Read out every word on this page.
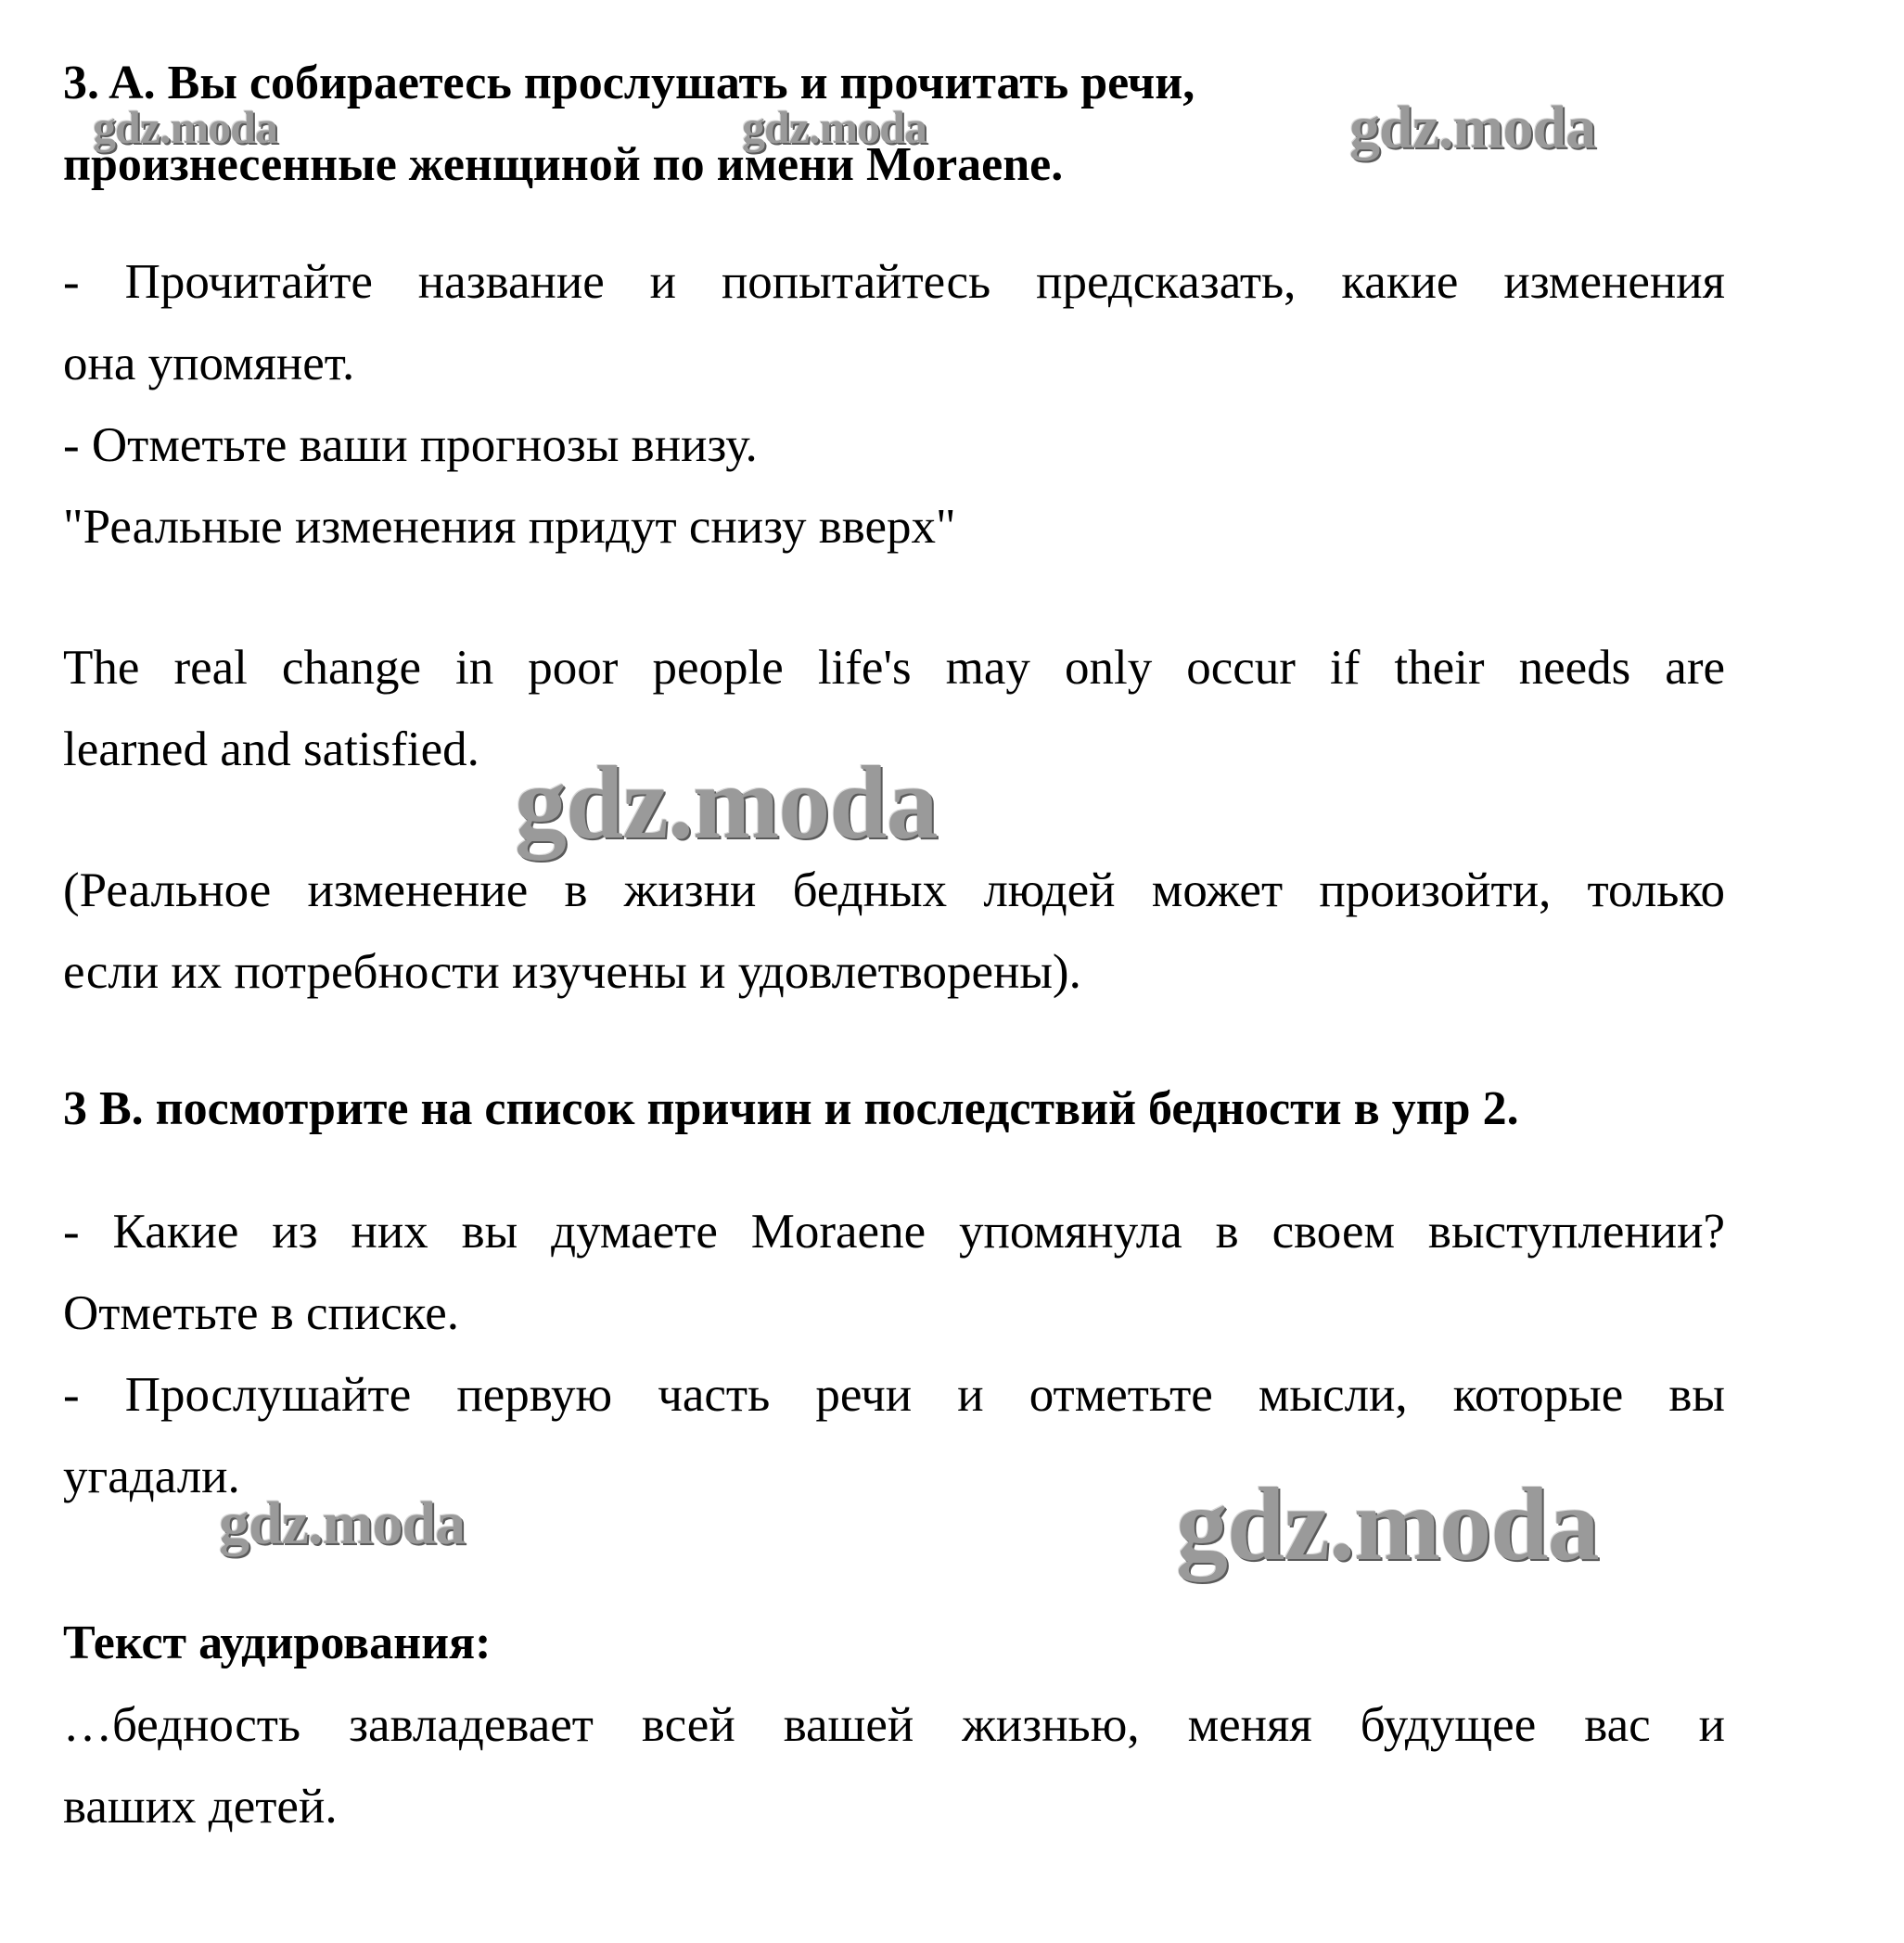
3. A. Вы собираетесь прослушать и прочитать речи,

произнесенные женщиной по имени Moraene.

- Прочитайте название и попытайтесь предсказать, какие изменения

она упомянет.

- Отметьте ваши прогнозы внизу.

"Реальные изменения придут снизу вверх"

The real change in poor people life's may only occur if their needs are

learned and satisfied.

(Реальное изменение в жизни бедных людей может произойти, только

если их потребности изучены и удовлетворены).

3 B. посмотрите на список причин и последствий бедности в упр 2.

- Какие из них вы думаете Moraene упомянула в своем выступлении?

Отметьте в списке.

- Прослушайте первую часть речи и отметьте мысли, которые вы

угадали.

Текст аудирования:

…бедность завладевает всей вашей жизнью, меняя будущее вас и

ваших детей.

gdz.moda	gdz.moda	gdz.moda
gdz.moda
gdz.moda	gdz.moda
